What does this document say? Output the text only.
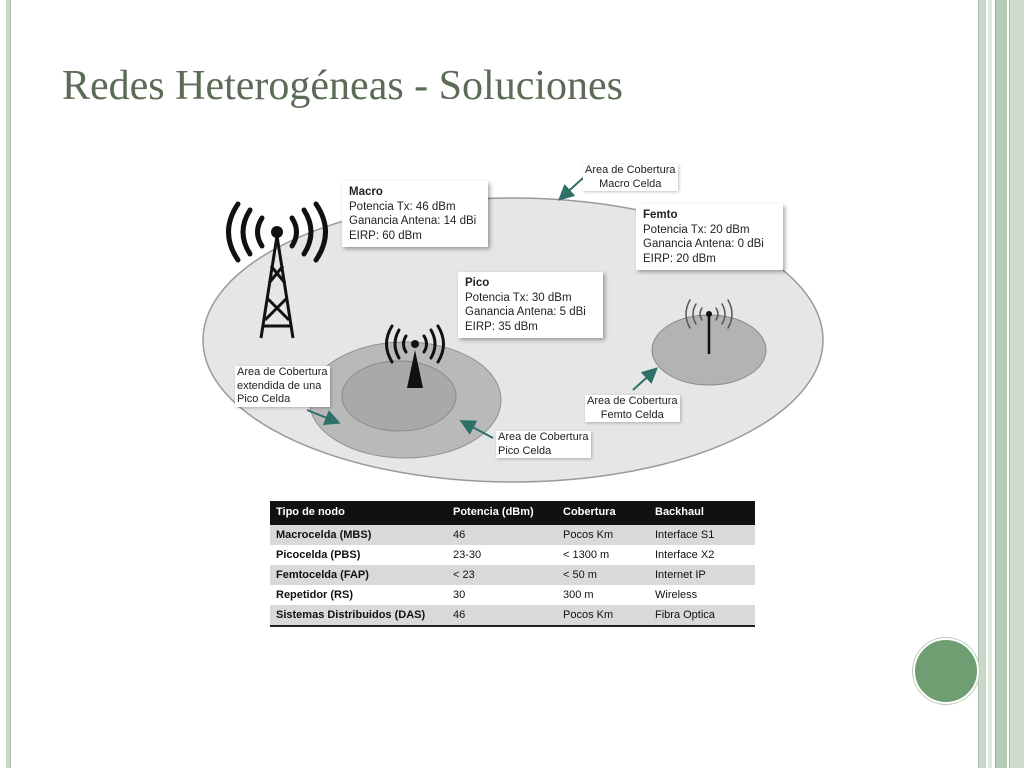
Redes Heterogéneas - Soluciones
Macro
Potencia Tx: 46 dBm
Ganancia Antena: 14 dBi
EIRP: 60 dBm
Pico
Potencia Tx: 30 dBm
Ganancia Antena: 5 dBi
EIRP: 35 dBm
Femto
Potencia Tx: 20 dBm
Ganancia Antena: 0 dBi
EIRP: 20 dBm
Area de Cobertura
Macro Celda
Area de Cobertura
extendida de una
Pico Celda
Area de Cobertura
Pico Celda
Area de Cobertura
Femto Celda
Tipo de nodo	Potencia (dBm)	Cobertura	Backhaul
Macrocelda (MBS)	46	Pocos Km	Interface S1
Picocelda (PBS)	23-30	< 1300 m	Interface X2
Femtocelda (FAP)	< 23	< 50 m	Internet IP
Repetidor (RS)	30	300 m	Wireless
Sistemas Distribuidos (DAS)	46	Pocos Km	Fibra Optica
